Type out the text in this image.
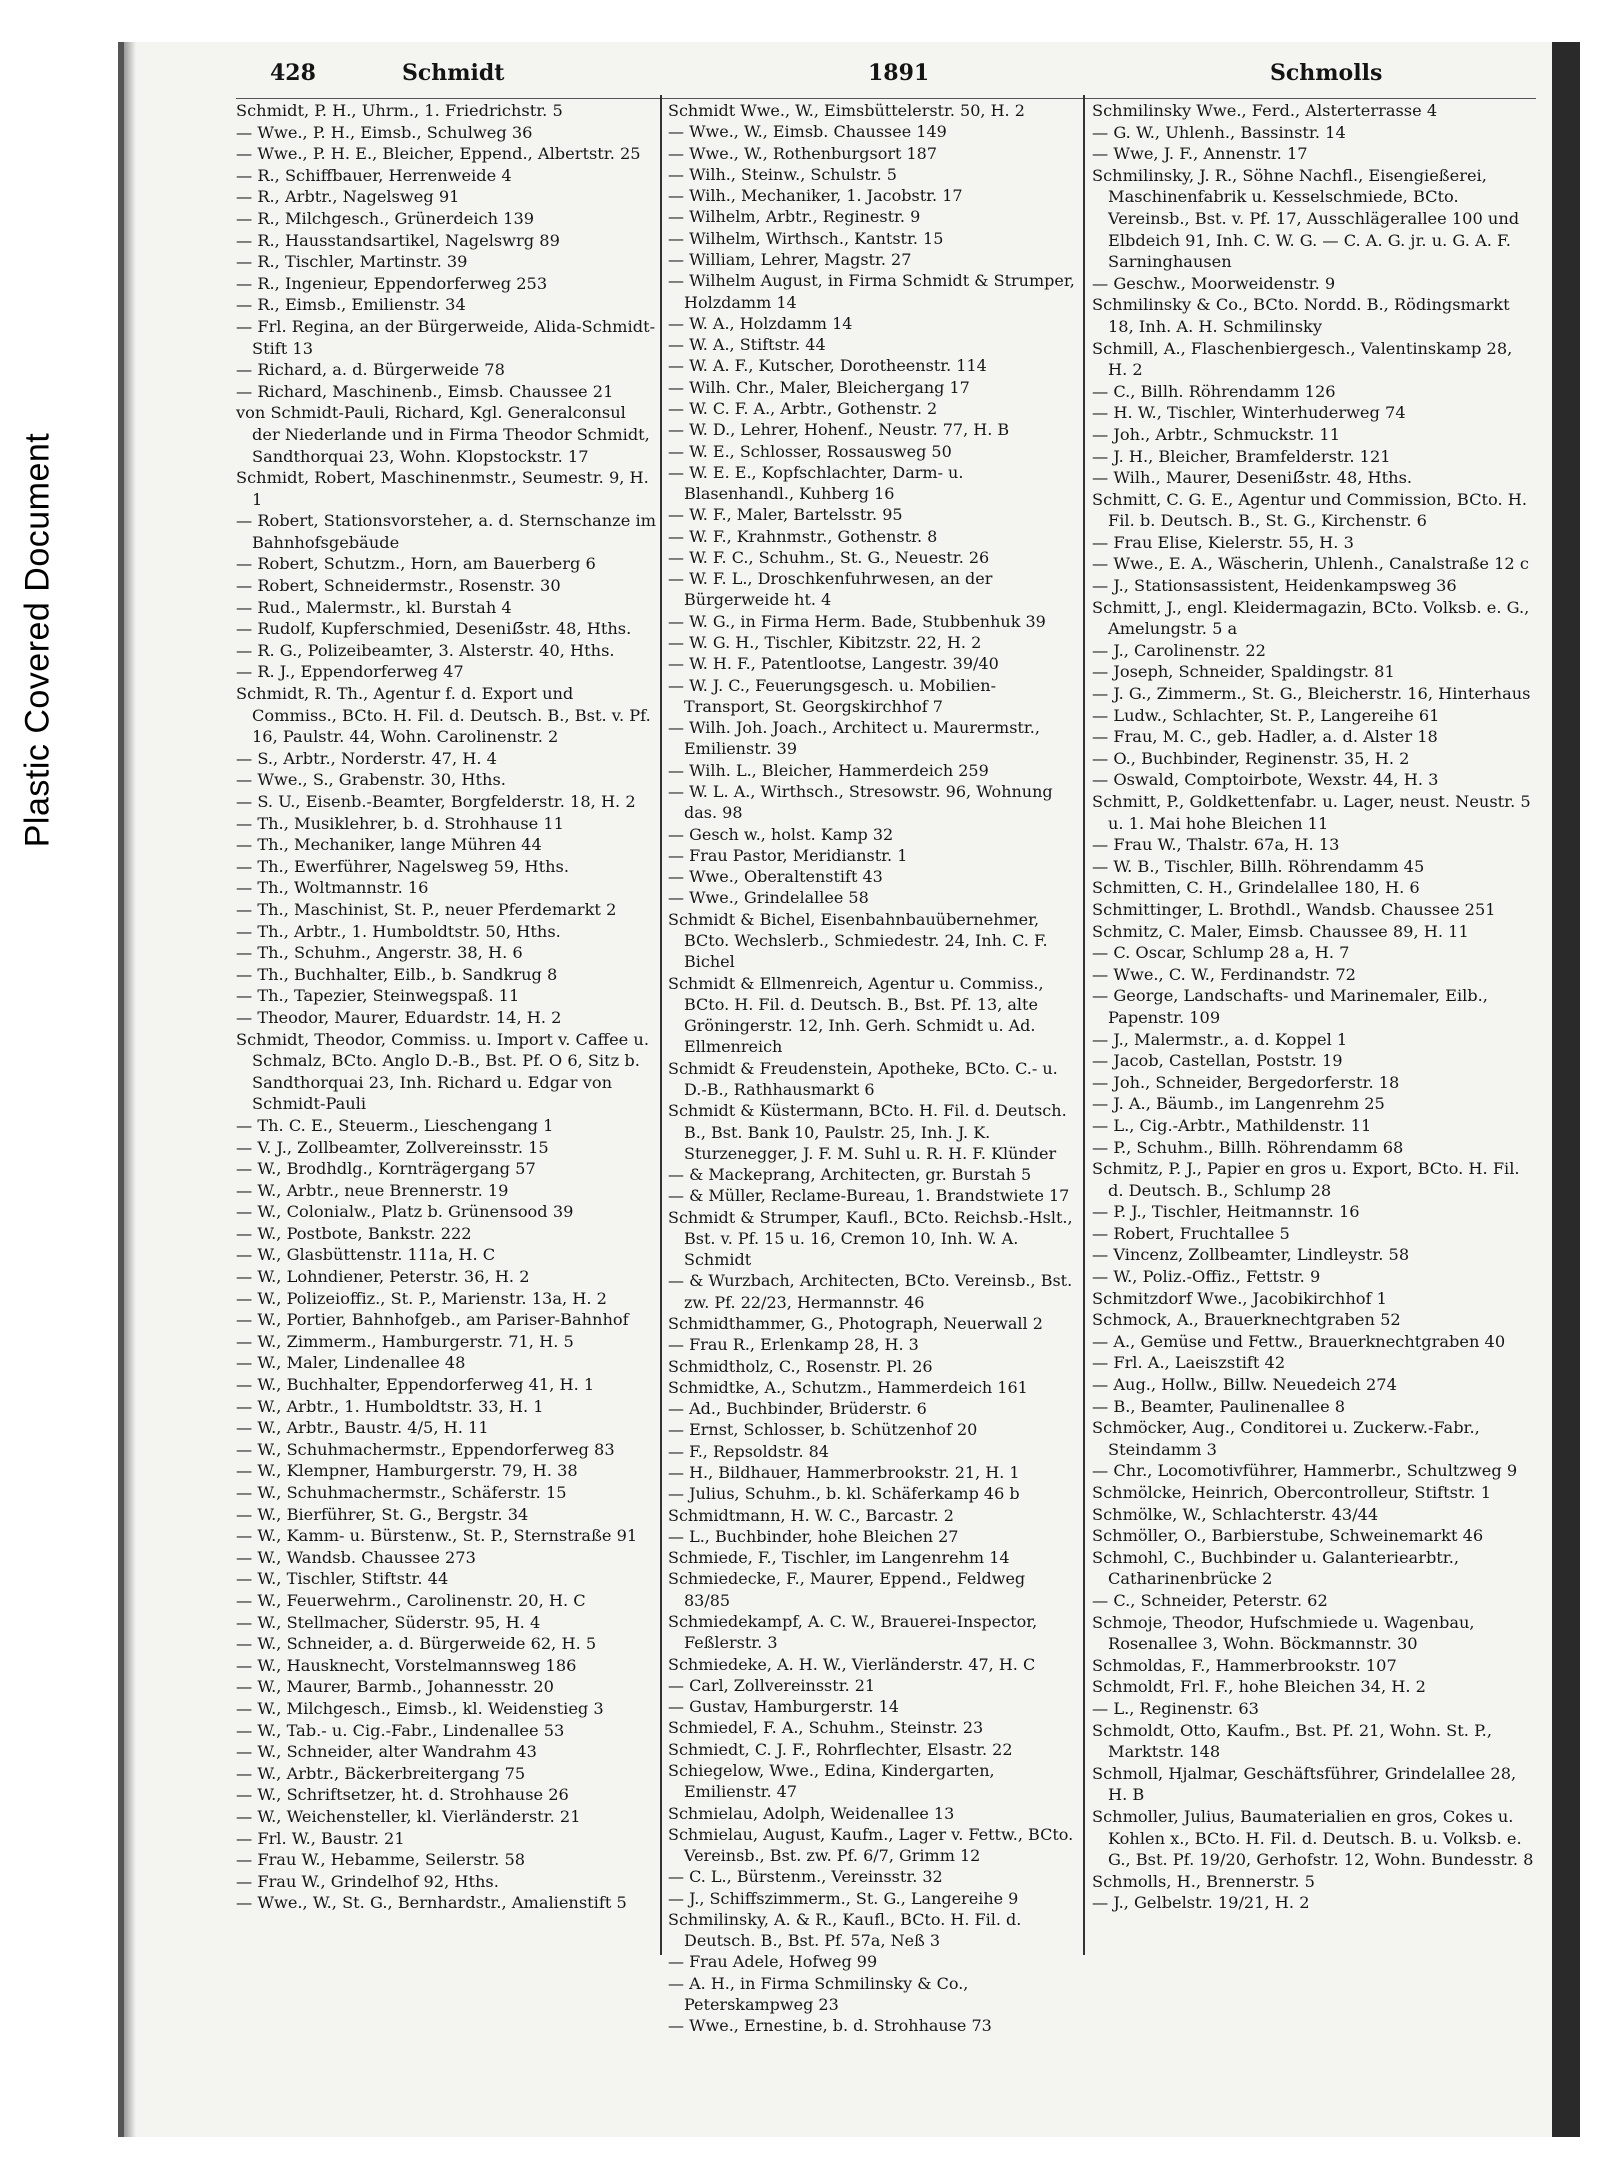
Plastic Covered Document
428	Schmidt	1891	Schmolls

Schmidt, P. H., Uhrm., 1. Friedrichstr. 5

— Wwe., P. H., Eimsb., Schulweg 36

— Wwe., P. H. E., Bleicher, Eppend., Albertstr. 25

— R., Schiffbauer, Herrenweide 4

— R., Arbtr., Nagelsweg 91

— R., Milchgesch., Grünerdeich 139

— R., Hausstandsartikel, Nagelswrg 89

— R., Tischler, Martinstr. 39

— R., Ingenieur, Eppendorferweg 253

— R., Eimsb., Emilienstr. 34

— Frl. Regina, an der Bürgerweide, Alida-Schmidt-Stift 13

— Richard, a. d. Bürgerweide 78

— Richard, Maschinenb., Eimsb. Chaussee 21

von Schmidt-Pauli, Richard, Kgl. Generalconsul der Niederlande und in Firma Theodor Schmidt, Sandthorquai 23, Wohn. Klopstockstr. 17

Schmidt, Robert, Maschinenmstr., Seumestr. 9, H. 1

— Robert, Stationsvorsteher, a. d. Sternschanze im Bahnhofsgebäude

— Robert, Schutzm., Horn, am Bauerberg 6

— Robert, Schneidermstr., Rosenstr. 30

— Rud., Malermstr., kl. Burstah 4

— Rudolf, Kupferschmied, Deseniẞstr. 48, Hths.

— R. G., Polizeibeamter, 3. Alsterstr. 40, Hths.

— R. J., Eppendorferweg 47

Schmidt, R. Th., Agentur f. d. Export und Commiss., BCto. H. Fil. d. Deutsch. B., Bst. v. Pf. 16, Paulstr. 44, Wohn. Carolinenstr. 2

— S., Arbtr., Norderstr. 47, H. 4

— Wwe., S., Grabenstr. 30, Hths.

— S. U., Eisenb.-Beamter, Borgfelderstr. 18, H. 2

— Th., Musiklehrer, b. d. Strohhause 11

— Th., Mechaniker, lange Mühren 44

— Th., Ewerführer, Nagelsweg 59, Hths.

— Th., Woltmannstr. 16

— Th., Maschinist, St. P., neuer Pferdemarkt 2

— Th., Arbtr., 1. Humboldtstr. 50, Hths.

— Th., Schuhm., Angerstr. 38, H. 6

— Th., Buchhalter, Eilb., b. Sandkrug 8

— Th., Tapezier, Steinwegspaß. 11

— Theodor, Maurer, Eduardstr. 14, H. 2

Schmidt, Theodor, Commiss. u. Import v. Caffee u. Schmalz, BCto. Anglo D.-B., Bst. Pf. O 6, Sitz b. Sandthorquai 23, Inh. Richard u. Edgar von Schmidt-Pauli

— Th. C. E., Steuerm., Lieschengang 1

— V. J., Zollbeamter, Zollvereinsstr. 15

— W., Brodhdlg., Kornträgergang 57

— W., Arbtr., neue Brennerstr. 19

— W., Colonialw., Platz b. Grünensood 39

— W., Postbote, Bankstr. 222

— W., Glasbüttenstr. 111a, H. C

— W., Lohndiener, Peterstr. 36, H. 2

— W., Polizeioffiz., St. P., Marienstr. 13a, H. 2

— W., Portier, Bahnhofgeb., am Pariser-Bahnhof

— W., Zimmerm., Hamburgerstr. 71, H. 5

— W., Maler, Lindenallee 48

— W., Buchhalter, Eppendorferweg 41, H. 1

— W., Arbtr., 1. Humboldtstr. 33, H. 1

— W., Arbtr., Baustr. 4/5, H. 11

— W., Schuhmachermstr., Eppendorferweg 83

— W., Klempner, Hamburgerstr. 79, H. 38

— W., Schuhmachermstr., Schäferstr. 15

— W., Bierführer, St. G., Bergstr. 34

— W., Kamm- u. Bürstenw., St. P., Sternstraße 91

— W., Wandsb. Chaussee 273

— W., Tischler, Stiftstr. 44

— W., Feuerwehrm., Carolinenstr. 20, H. C

— W., Stellmacher, Süderstr. 95, H. 4

— W., Schneider, a. d. Bürgerweide 62, H. 5

— W., Hausknecht, Vorstelmannsweg 186

— W., Maurer, Barmb., Johannesstr. 20

— W., Milchgesch., Eimsb., kl. Weidenstieg 3

— W., Tab.- u. Cig.-Fabr., Lindenallee 53

— W., Schneider, alter Wandrahm 43

— W., Arbtr., Bäckerbreitergang 75

— W., Schriftsetzer, ht. d. Strohhause 26

— W., Weichensteller, kl. Vierländerstr. 21

— Frl. W., Baustr. 21

— Frau W., Hebamme, Seilerstr. 58

— Frau W., Grindelhof 92, Hths.

— Wwe., W., St. G., Bernhardstr., Amalienstift 5

Schmidt Wwe., W., Eimsbüttelerstr. 50, H. 2

— Wwe., W., Eimsb. Chaussee 149

— Wwe., W., Rothenburgsort 187

— Wilh., Steinw., Schulstr. 5

— Wilh., Mechaniker, 1. Jacobstr. 17

— Wilhelm, Arbtr., Reginestr. 9

— Wilhelm, Wirthsch., Kantstr. 15

— William, Lehrer, Magstr. 27

— Wilhelm August, in Firma Schmidt & Strumper, Holzdamm 14

— W. A., Holzdamm 14

— W. A., Stiftstr. 44

— W. A. F., Kutscher, Dorotheenstr. 114

— Wilh. Chr., Maler, Bleichergang 17

— W. C. F. A., Arbtr., Gothenstr. 2

— W. D., Lehrer, Hohenf., Neustr. 77, H. B

— W. E., Schlosser, Rossausweg 50

— W. E. E., Kopfschlachter, Darm- u. Blasenhandl., Kuhberg 16

— W. F., Maler, Bartelsstr. 95

— W. F., Krahnmstr., Gothenstr. 8

— W. F. C., Schuhm., St. G., Neuestr. 26

— W. F. L., Droschkenfuhrwesen, an der Bürgerweide ht. 4

— W. G., in Firma Herm. Bade, Stubbenhuk 39

— W. G. H., Tischler, Kibitzstr. 22, H. 2

— W. H. F., Patentlootse, Langestr. 39/40

— W. J. C., Feuerungsgesch. u. Mobilien-Transport, St. Georgskirchhof 7

— Wilh. Joh. Joach., Architect u. Maurermstr., Emilienstr. 39

— Wilh. L., Bleicher, Hammerdeich 259

— W. L. A., Wirthsch., Stresowstr. 96, Wohnung das. 98

— Gesch w., holst. Kamp 32

— Frau Pastor, Meridianstr. 1

— Wwe., Oberaltenstift 43

— Wwe., Grindelallee 58

Schmidt & Bichel, Eisenbahnbauübernehmer, BCto. Wechslerb., Schmiedestr. 24, Inh. C. F. Bichel

Schmidt & Ellmenreich, Agentur u. Commiss., BCto. H. Fil. d. Deutsch. B., Bst. Pf. 13, alte Gröningerstr. 12, Inh. Gerh. Schmidt u. Ad. Ellmenreich

Schmidt & Freudenstein, Apotheke, BCto. C.- u. D.-B., Rathhausmarkt 6

Schmidt & Küstermann, BCto. H. Fil. d. Deutsch. B., Bst. Bank 10, Paulstr. 25, Inh. J. K. Sturzenegger, J. F. M. Suhl u. R. H. F. Klünder

— & Mackeprang, Architecten, gr. Burstah 5

— & Müller, Reclame-Bureau, 1. Brandstwiete 17

Schmidt & Strumper, Kaufl., BCto. Reichsb.-Hslt., Bst. v. Pf. 15 u. 16, Cremon 10, Inh. W. A. Schmidt

— & Wurzbach, Architecten, BCto. Vereinsb., Bst. zw. Pf. 22/23, Hermannstr. 46

Schmidthammer, G., Photograph, Neuerwall 2

— Frau R., Erlenkamp 28, H. 3

Schmidtholz, C., Rosenstr. Pl. 26

Schmidtke, A., Schutzm., Hammerdeich 161

— Ad., Buchbinder, Brüderstr. 6

— Ernst, Schlosser, b. Schützenhof 20

— F., Repsoldstr. 84

— H., Bildhauer, Hammerbrookstr. 21, H. 1

— Julius, Schuhm., b. kl. Schäferkamp 46 b

Schmidtmann, H. W. C., Barcastr. 2

— L., Buchbinder, hohe Bleichen 27

Schmiede, F., Tischler, im Langenrehm 14

Schmiedecke, F., Maurer, Eppend., Feldweg 83/85

Schmiedekampf, A. C. W., Brauerei-Inspector, Feßlerstr. 3

Schmiedeke, A. H. W., Vierländerstr. 47, H. C

— Carl, Zollvereinsstr. 21

— Gustav, Hamburgerstr. 14

Schmiedel, F. A., Schuhm., Steinstr. 23

Schmiedt, C. J. F., Rohrflechter, Elsastr. 22

Schiegelow, Wwe., Edina, Kindergarten, Emilienstr. 47

Schmielau, Adolph, Weidenallee 13

Schmielau, August, Kaufm., Lager v. Fettw., BCto. Vereinsb., Bst. zw. Pf. 6/7, Grimm 12

— C. L., Bürstenm., Vereinsstr. 32

— J., Schiffszimmerm., St. G., Langereihe 9

Schmilinsky, A. & R., Kaufl., BCto. H. Fil. d. Deutsch. B., Bst. Pf. 57a, Neß 3

— Frau Adele, Hofweg 99

— A. H., in Firma Schmilinsky & Co., Peterskampweg 23

— Wwe., Ernestine, b. d. Strohhause 73

Schmilinsky Wwe., Ferd., Alsterterrasse 4

— G. W., Uhlenh., Bassinstr. 14

— Wwe, J. F., Annenstr. 17

Schmilinsky, J. R., Söhne Nachfl., Eisengießerei, Maschinenfabrik u. Kesselschmiede, BCto. Vereinsb., Bst. v. Pf. 17, Ausschlägerallee 100 und Elbdeich 91, Inh. C. W. G. — C. A. G. jr. u. G. A. F. Sarninghausen

— Geschw., Moorweidenstr. 9

Schmilinsky & Co., BCto. Nordd. B., Rödingsmarkt 18, Inh. A. H. Schmilinsky

Schmill, A., Flaschenbiergesch., Valentinskamp 28, H. 2

— C., Billh. Röhrendamm 126

— H. W., Tischler, Winterhuderweg 74

— Joh., Arbtr., Schmuckstr. 11

— J. H., Bleicher, Bramfelderstr. 121

— Wilh., Maurer, Deseniẞstr. 48, Hths.

Schmitt, C. G. E., Agentur und Commission, BCto. H. Fil. b. Deutsch. B., St. G., Kirchenstr. 6

— Frau Elise, Kielerstr. 55, H. 3

— Wwe., E. A., Wäscherin, Uhlenh., Canalstraße 12 c

— J., Stationsassistent, Heidenkampsweg 36

Schmitt, J., engl. Kleidermagazin, BCto. Volksb. e. G., Amelungstr. 5 a

— J., Carolinenstr. 22

— Joseph, Schneider, Spaldingstr. 81

— J. G., Zimmerm., St. G., Bleicherstr. 16, Hinterhaus

— Ludw., Schlachter, St. P., Langereihe 61

— Frau, M. C., geb. Hadler, a. d. Alster 18

— O., Buchbinder, Reginenstr. 35, H. 2

— Oswald, Comptoirbote, Wexstr. 44, H. 3

Schmitt, P., Goldkettenfabr. u. Lager, neust. Neustr. 5 u. 1. Mai hohe Bleichen 11

— Frau W., Thalstr. 67a, H. 13

— W. B., Tischler, Billh. Röhrendamm 45

Schmitten, C. H., Grindelallee 180, H. 6

Schmittinger, L. Brothdl., Wandsb. Chaussee 251

Schmitz, C. Maler, Eimsb. Chaussee 89, H. 11

— C. Oscar, Schlump 28 a, H. 7

— Wwe., C. W., Ferdinandstr. 72

— George, Landschafts- und Marinemaler, Eilb., Papenstr. 109

— J., Malermstr., a. d. Koppel 1

— Jacob, Castellan, Poststr. 19

— Joh., Schneider, Bergedorferstr. 18

— J. A., Bäumb., im Langenrehm 25

— L., Cig.-Arbtr., Mathildenstr. 11

— P., Schuhm., Billh. Röhrendamm 68

Schmitz, P. J., Papier en gros u. Export, BCto. H. Fil. d. Deutsch. B., Schlump 28

— P. J., Tischler, Heitmannstr. 16

— Robert, Fruchtallee 5

— Vincenz, Zollbeamter, Lindleystr. 58

— W., Poliz.-Offiz., Fettstr. 9

Schmitzdorf Wwe., Jacobikirchhof 1

Schmock, A., Brauerknechtgraben 52

— A., Gemüse und Fettw., Brauerknechtgraben 40

— Frl. A., Laeiszstift 42

— Aug., Hollw., Billw. Neuedeich 274

— B., Beamter, Paulinenallee 8

Schmöcker, Aug., Conditorei u. Zuckerw.-Fabr., Steindamm 3

— Chr., Locomotivführer, Hammerbr., Schultzweg 9

Schmölcke, Heinrich, Obercontrolleur, Stiftstr. 1

Schmölke, W., Schlachterstr. 43/44

Schmöller, O., Barbierstube, Schweinemarkt 46

Schmohl, C., Buchbinder u. Galanteriearbtr., Catharinenbrücke 2

— C., Schneider, Peterstr. 62

Schmoje, Theodor, Hufschmiede u. Wagenbau, Rosenallee 3, Wohn. Böckmannstr. 30

Schmoldas, F., Hammerbrookstr. 107

Schmoldt, Frl. F., hohe Bleichen 34, H. 2

— L., Reginenstr. 63

Schmoldt, Otto, Kaufm., Bst. Pf. 21, Wohn. St. P., Marktstr. 148

Schmoll, Hjalmar, Geschäftsführer, Grindelallee 28, H. B

Schmoller, Julius, Baumaterialien en gros, Cokes u. Kohlen x., BCto. H. Fil. d. Deutsch. B. u. Volksb. e. G., Bst. Pf. 19/20, Gerhofstr. 12, Wohn. Bundesstr. 8

Schmolls, H., Brennerstr. 5

— J., Gelbelstr. 19/21, H. 2
